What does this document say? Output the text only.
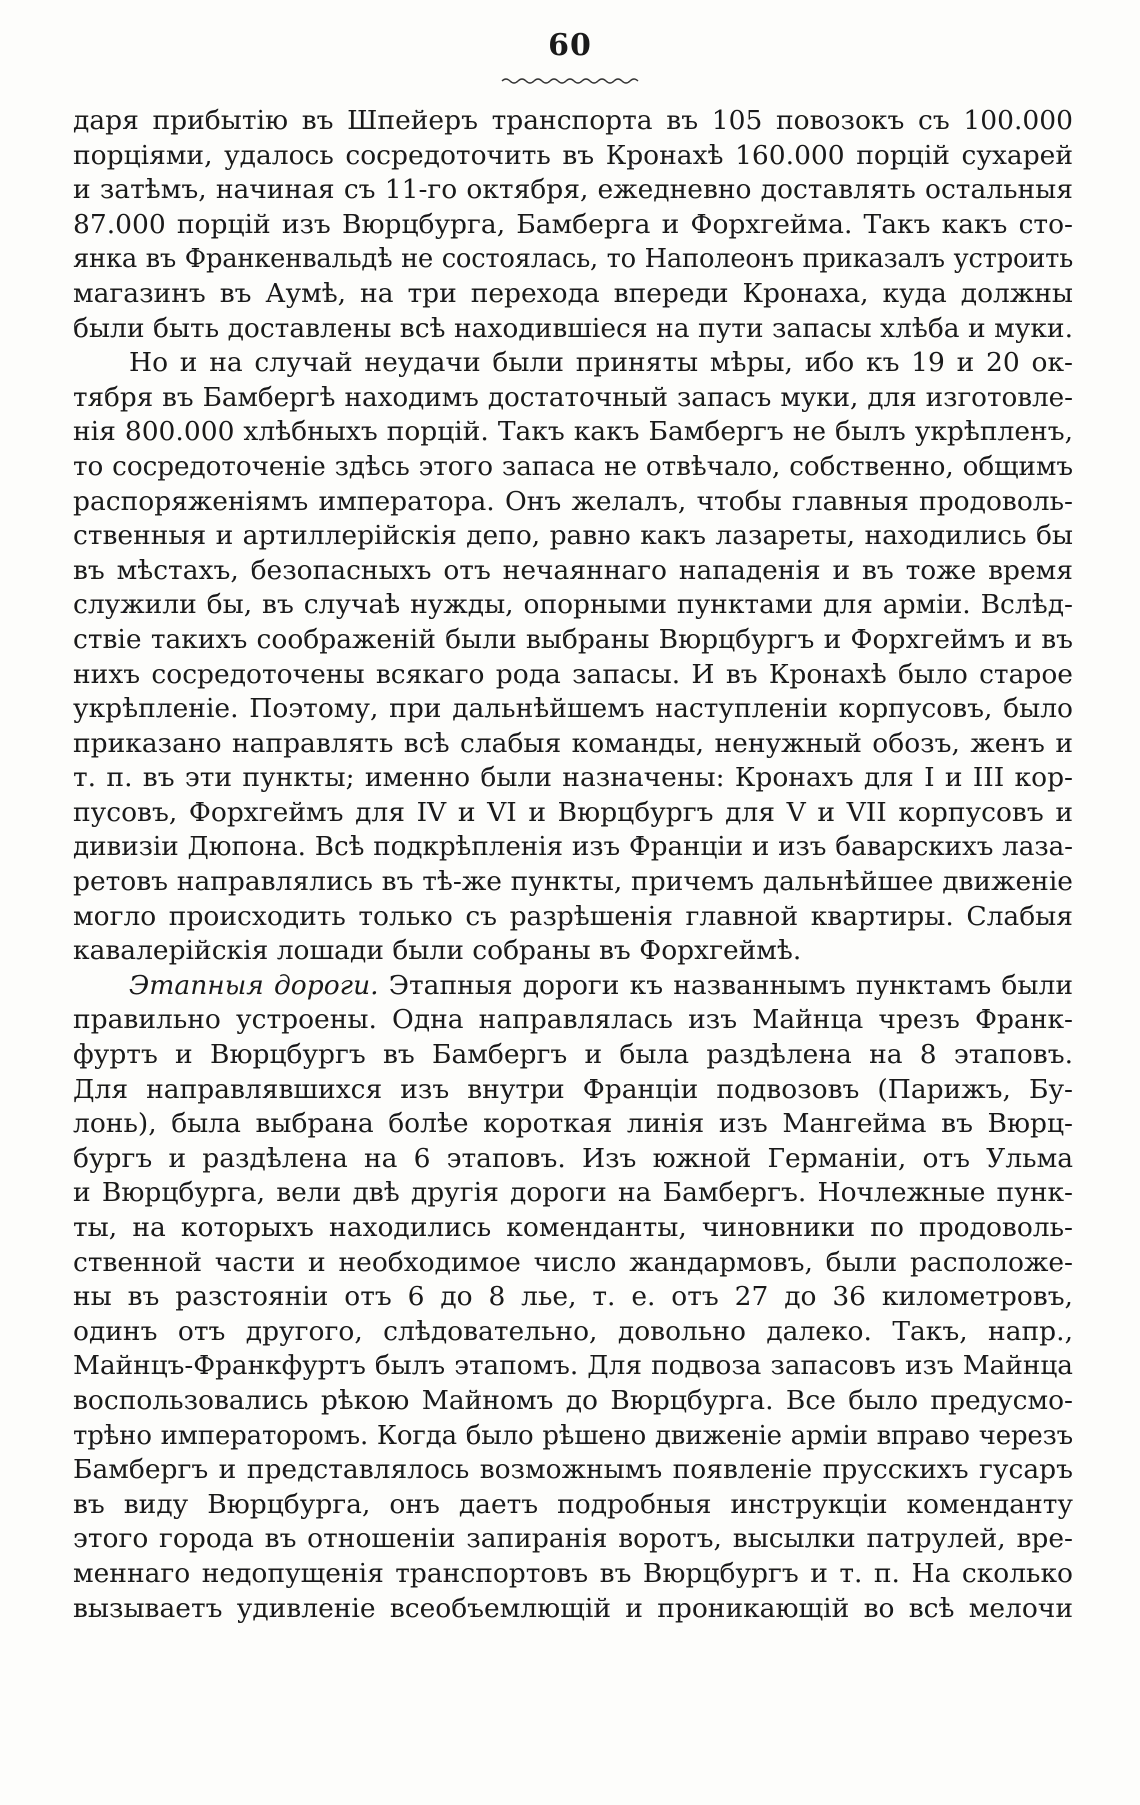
60
даря прибытію въ Шпейеръ транспорта въ 105 повозокъ съ 100.000
порціями, удалось сосредоточить въ Кронахѣ 160.000 порцій сухарей
и затѣмъ, начиная съ 11-го октября, ежедневно доставлять остальныя
87.000 порцій изъ Вюрцбурга, Бамберга и Форхгейма. Такъ какъ сто-
янка въ Франкенвальдѣ не состоялась, то Наполеонъ приказалъ устроить
магазинъ въ Аумѣ, на три перехода впереди Кронаха, куда должны
были быть доставлены всѣ находившіеся на пути запасы хлѣба и муки.
Но и на случай неудачи были приняты мѣры, ибо къ 19 и 20 ок-
тября въ Бамбергѣ находимъ достаточный запасъ муки, для изготовле-
нія 800.000 хлѣбныхъ порцій. Такъ какъ Бамбергъ не былъ укрѣпленъ,
то сосредоточеніе здѣсь этого запаса не отвѣчало, собственно, общимъ
распоряженіямъ императора. Онъ желалъ, чтобы главныя продоволь-
ственныя и артиллерійскія депо, равно какъ лазареты, находились бы
въ мѣстахъ, безопасныхъ отъ нечаяннаго нападенія и въ тоже время
служили бы, въ случаѣ нужды, опорными пунктами для арміи. Вслѣд-
ствіе такихъ соображеній были выбраны Вюрцбургъ и Форхгеймъ и въ
нихъ сосредоточены всякаго рода запасы. И въ Кронахѣ было старое
укрѣпленіе. Поэтому, при дальнѣйшемъ наступленіи корпусовъ, было
приказано направлять всѣ слабыя команды, ненужный обозъ, женъ и
т. п. въ эти пункты; именно были назначены: Кронахъ для I и III кор-
пусовъ, Форхгеймъ для IV и VI и Вюрцбургъ для V и VII корпусовъ и
дивизіи Дюпона. Всѣ подкрѣпленія изъ Франціи и изъ баварскихъ лаза-
ретовъ направлялись въ тѣ-же пункты, причемъ дальнѣйшее движеніе
могло происходить только съ разрѣшенія главной квартиры. Слабыя
кавалерійскія лошади были собраны въ Форхгеймѣ.
Этапныя дороги. Этапныя дороги къ названнымъ пунктамъ были
правильно устроены. Одна направлялась изъ Майнца чрезъ Франк-
фуртъ и Вюрцбургъ въ Бамбергъ и была раздѣлена на 8 этаповъ.
Для направлявшихся изъ внутри Франціи подвозовъ (Парижъ, Бу-
лонь), была выбрана болѣе короткая линія изъ Мангейма въ Вюрц-
бургъ и раздѣлена на 6 этаповъ. Изъ южной Германіи, отъ Ульма
и Вюрцбурга, вели двѣ другія дороги на Бамбергъ. Ночлежные пунк-
ты, на которыхъ находились коменданты, чиновники по продоволь-
ственной части и необходимое число жандармовъ, были расположе-
ны въ разстояніи отъ 6 до 8 лье, т. е. отъ 27 до 36 километровъ,
одинъ отъ другого, слѣдовательно, довольно далеко. Такъ, напр.,
Майнцъ-Франкфуртъ былъ этапомъ. Для подвоза запасовъ изъ Майнца
воспользовались рѣкою Майномъ до Вюрцбурга. Все было предусмо-
трѣно императоромъ. Когда было рѣшено движеніе арміи вправо черезъ
Бамбергъ и представлялось возможнымъ появленіе прусскихъ гусаръ
въ виду Вюрцбурга, онъ даетъ подробныя инструкціи коменданту
этого города въ отношеніи запиранія воротъ, высылки патрулей, вре-
меннаго недопущенія транспортовъ въ Вюрцбургъ и т. п. На сколько
вызываетъ удивленіе всеобъемлющій и проникающій во всѣ мелочи
